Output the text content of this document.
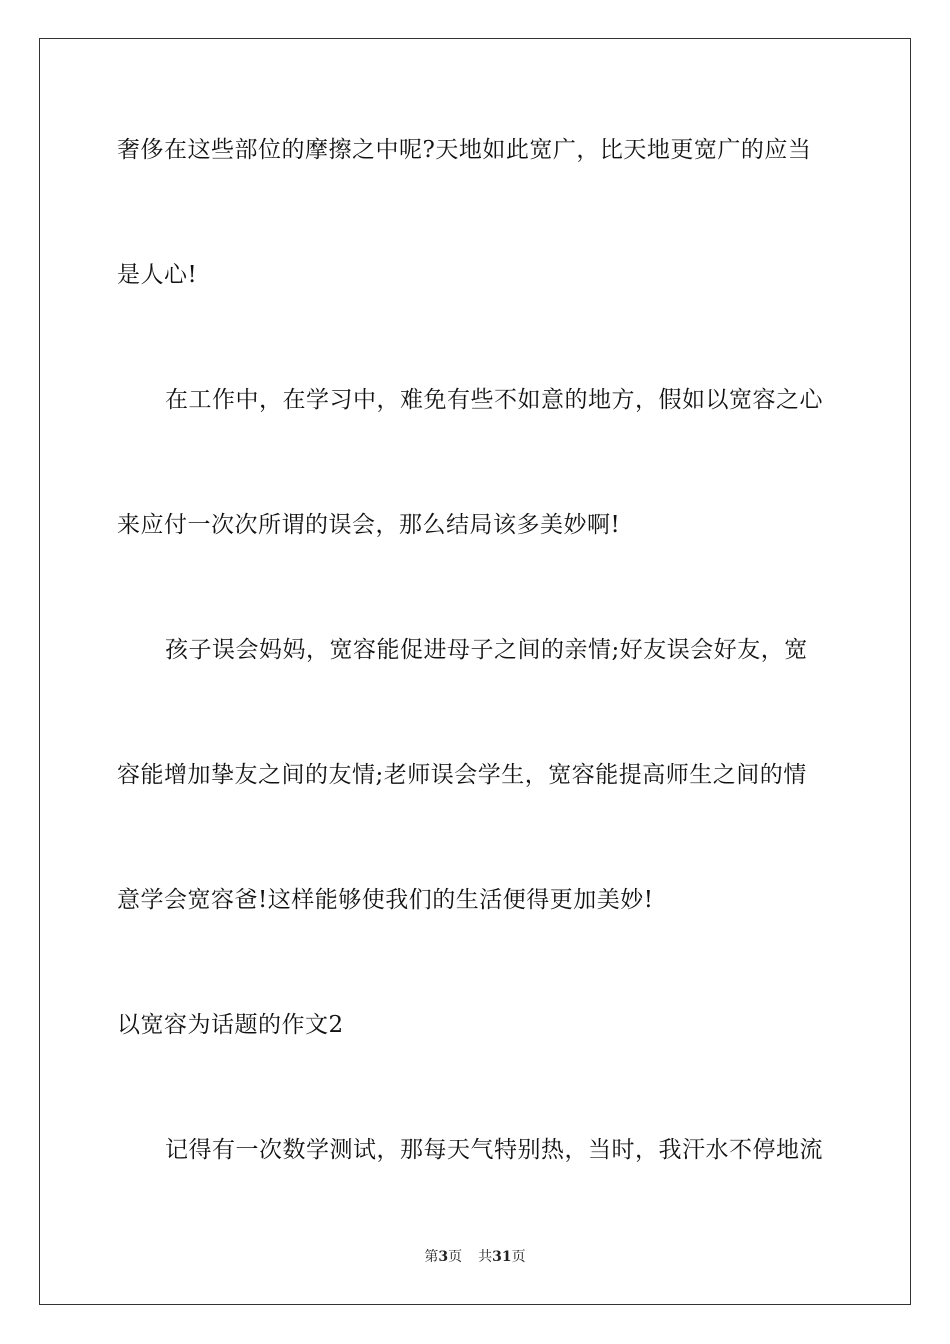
奢侈在这些部位的摩擦之中呢?天地如此宽广，比天地更宽广的应当
是人心!
在工作中，在学习中，难免有些不如意的地方，假如以宽容之心
来应付一次次所谓的误会，那么结局该多美妙啊!
孩子误会妈妈，宽容能促进母子之间的亲情;好友误会好友，宽
容能增加挚友之间的友情;老师误会学生，宽容能提高师生之间的情
意学会宽容爸!这样能够使我们的生活便得更加美妙!
以宽容为话题的作文2
记得有一次数学测试，那每天气特别热，当时，我汗水不停地流
第3页 共31页
